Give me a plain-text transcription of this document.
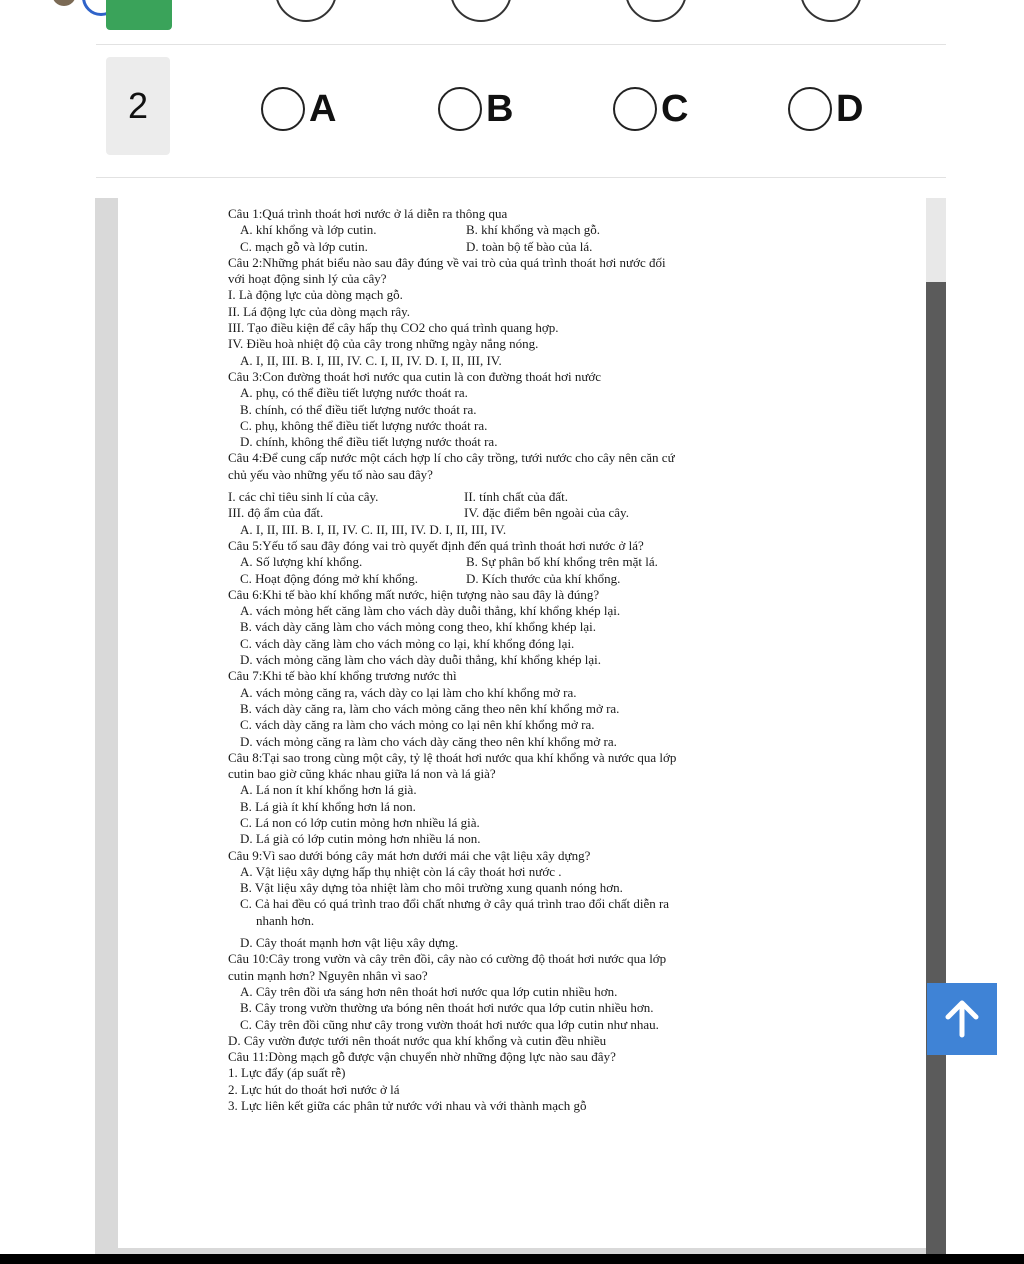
2	A	B	C	D
Câu 1:Quá trình thoát hơi nước ở lá diễn ra thông qua
A. khí khổng và lớp cutin.	B. khí khổng và mạch gỗ.
C. mạch gỗ và lớp cutin.	D. toàn bộ tế bào của lá.
Câu 2:Những phát biểu nào sau đây đúng về vai trò của quá trình thoát hơi nước đối
với hoạt động sinh lý của cây?
I. Là động lực của dòng mạch gỗ.
II. Lá động lực của dòng mạch rây.
III. Tạo điều kiện để cây hấp thụ CO2 cho quá trình quang hợp.
IV. Điều hoà nhiệt độ của cây trong những ngày nắng nóng.
A. I, II, III. B. I, III, IV. C. I, II, IV. D. I, II, III, IV.
Câu 3:Con đường thoát hơi nước qua cutin là con đường thoát hơi nước
A. phụ, có thể điều tiết lượng nước thoát ra.
B. chính, có thể điều tiết lượng nước thoát ra.
C. phụ, không thể điều tiết lượng nước thoát ra.
D. chính, không thể điều tiết lượng nước thoát ra.
Câu 4:Để cung cấp nước một cách hợp lí cho cây trồng, tưới nước cho cây nên căn cứ
chủ yếu vào những yếu tố nào sau đây?
I. các chỉ tiêu sinh lí của cây.	II. tính chất của đất.
III. độ ẩm của đất.	IV. đặc điểm bên ngoài của cây.
A. I, II, III. B. I, II, IV. C. II, III, IV. D. I, II, III, IV.
Câu 5:Yếu tố sau đây đóng vai trò quyết định đến quá trình thoát hơi nước ở lá?
A. Số lượng khí khổng.	B. Sự phân bố khí khổng trên mặt lá.
C. Hoạt động đóng mở khí khổng.	D. Kích thước của khí khổng.
Câu 6:Khi tế bào khí khổng mất nước, hiện tượng nào sau đây là đúng?
A. vách mỏng hết căng làm cho vách dày duỗi thẳng, khí khổng khép lại.
B. vách dày căng làm cho vách mỏng cong theo, khí khổng khép lại.
C. vách dày căng làm cho vách mỏng co lại, khí khổng đóng lại.
D. vách mỏng căng làm cho vách dày duỗi thẳng, khí khổng khép lại.
Câu 7:Khi tế bào khí khổng trương nước thì
A. vách mỏng căng ra, vách dày co lại làm cho khí khổng mở ra.
B. vách dày căng ra, làm cho vách mỏng căng theo nên khí khổng mở ra.
C. vách dày căng ra làm cho vách mỏng co lại nên khí khổng mở ra.
D. vách mỏng căng ra làm cho vách dày căng theo nên khí khổng mở ra.
Câu 8:Tại sao trong cùng một cây, tỷ lệ thoát hơi nước qua khí khổng và nước qua lớp
cutin bao giờ cũng khác nhau giữa lá non và lá già?
A. Lá non ít khí khổng hơn lá già.
B. Lá già ít khí khổng hơn lá non.
C. Lá non có lớp cutin mỏng hơn nhiều lá già.
D. Lá già có lớp cutin mỏng hơn nhiều lá non.
Câu 9:Vì sao dưới bóng cây mát hơn dưới mái che vật liệu xây dựng?
A. Vật liệu xây dựng hấp thụ nhiệt còn lá cây thoát hơi nước .
B. Vật liệu xây dựng tỏa nhiệt làm cho môi trường xung quanh nóng hơn.
C. Cả hai đều có quá trình trao đổi chất nhưng ở cây quá trình trao đổi chất diễn ra
nhanh hơn.
D. Cây thoát mạnh hơn vật liệu xây dựng.
Câu 10:Cây trong vườn và cây trên đồi, cây nào có cường độ thoát hơi nước qua lớp
cutin mạnh hơn? Nguyên nhân vì sao?
A. Cây trên đồi ưa sáng hơn nên thoát hơi nước qua lớp cutin nhiều hơn.
B. Cây trong vườn thường ưa bóng nên thoát hơi nước qua lớp cutin nhiều hơn.
C. Cây trên đồi cũng như cây trong vườn thoát hơi nước qua lớp cutin như nhau.
D. Cây vườn được tưới nên thoát nước qua khí khổng và cutin đều nhiều
Câu 11:Dòng mạch gỗ được vận chuyển nhờ những động lực nào sau đây?
1. Lực đẩy (áp suất rễ)
2. Lực hút do thoát hơi nước ở lá
3. Lực liên kết giữa các phân tử nước với nhau và với thành mạch gỗ
